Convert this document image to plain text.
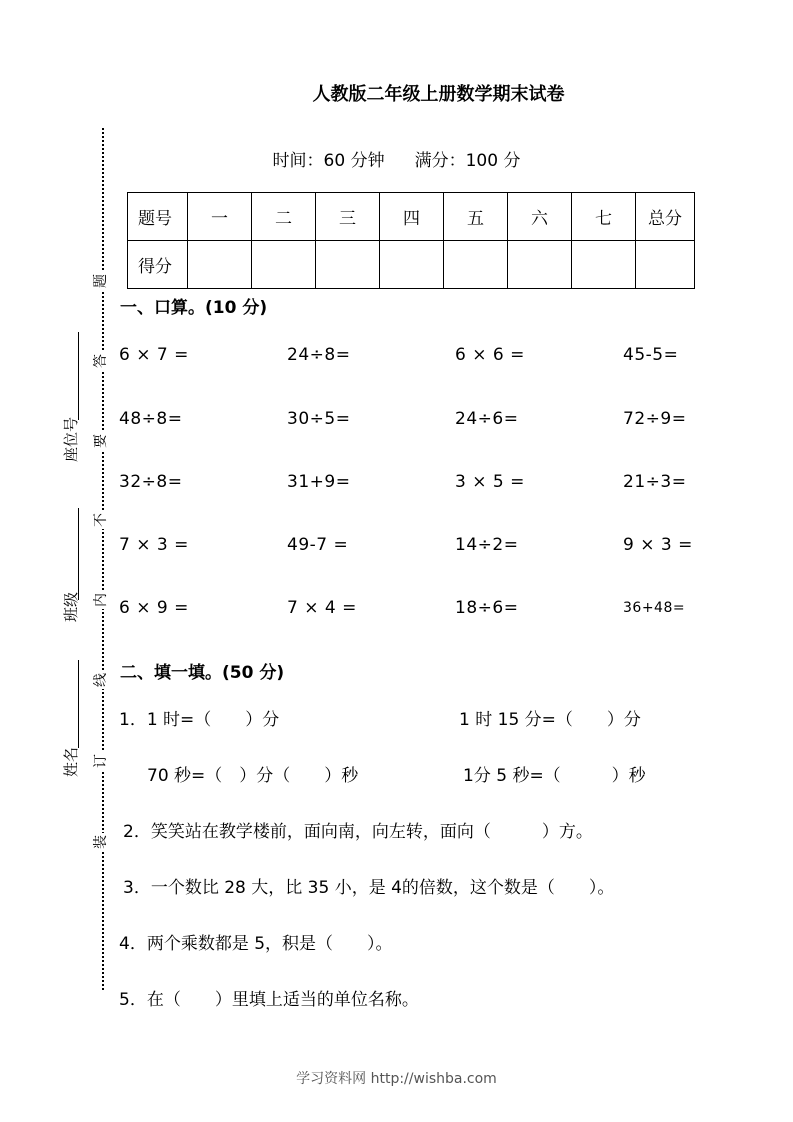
人教版二年级上册数学期末试卷
时间：60 分钟 满分：100 分
题
答
要
不
内
线
订
装
座位号
班级
姓名
题号	一	二	三	四	五	六	七	总分
得分								
一、口算。(10 分)
6 × 7 =	24÷8=	6 × 6 =	45-5=
48÷8=	30÷5=	24÷6=	72÷9=
32÷8=	31+9=	3 × 5 =	21÷3=
7 × 3 =	49-7 =	14÷2=	9 × 3 =
6 × 9 =	7 × 4 =	18÷6=	36+48=
二、填一填。(50 分)
1．1 时=（　　）分	1 时 15 分=（　　）分
70 秒=（　）分（　　）秒	1分 5 秒=（　　　）秒
2．笑笑站在教学楼前，面向南，向左转，面向（　　　）方。
3．一个数比 28 大，比 35 小，是 4的倍数，这个数是（　　）。
4．两个乘数都是 5，积是（　　）。
5．在（　　）里填上适当的单位名称。
学习资料网 http://wishba.com
